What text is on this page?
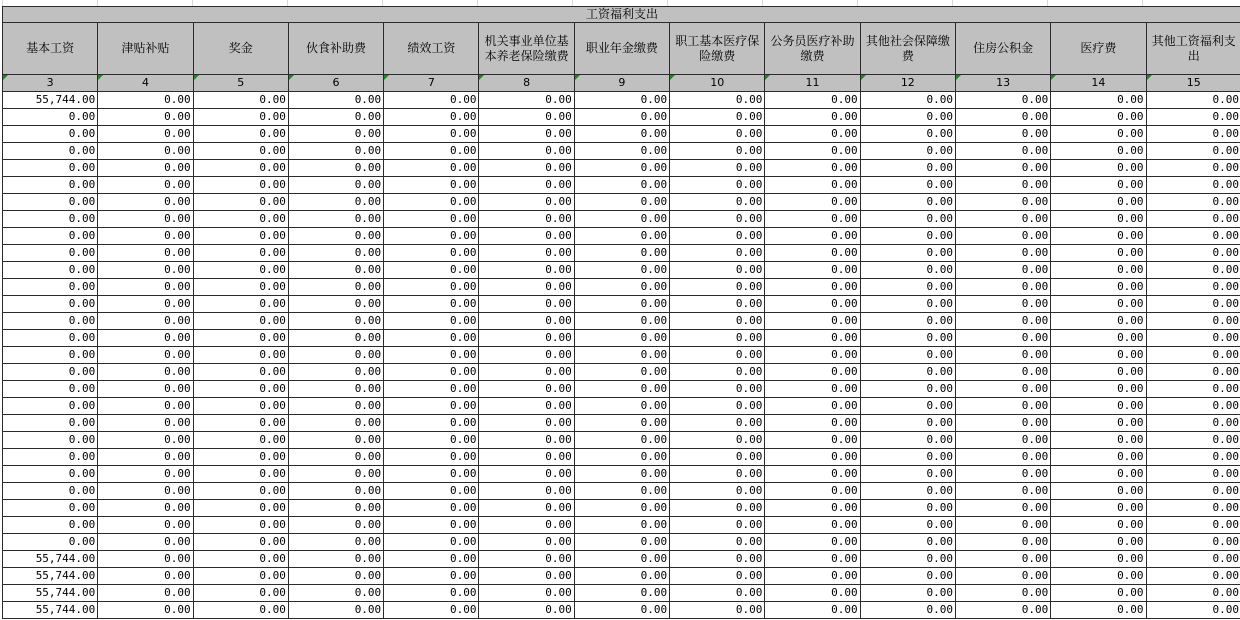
工资福利支出												
基本工资	津贴补贴	奖金	伙食补助费	绩效工资	机关事业单位基本养老保险缴费	职业年金缴费	职工基本医疗保险缴费	公务员医疗补助缴费	其他社会保障缴费	住房公积金	医疗费	其他工资福利支出

3	4	5	6	7	8	9	10	11	12	13	14	15
55,744.00	0.00	0.00	0.00	0.00	0.00	0.00	0.00	0.00	0.00	0.00	0.00	0.00
0.00	0.00	0.00	0.00	0.00	0.00	0.00	0.00	0.00	0.00	0.00	0.00	0.00
0.00	0.00	0.00	0.00	0.00	0.00	0.00	0.00	0.00	0.00	0.00	0.00	0.00
0.00	0.00	0.00	0.00	0.00	0.00	0.00	0.00	0.00	0.00	0.00	0.00	0.00
0.00	0.00	0.00	0.00	0.00	0.00	0.00	0.00	0.00	0.00	0.00	0.00	0.00
0.00	0.00	0.00	0.00	0.00	0.00	0.00	0.00	0.00	0.00	0.00	0.00	0.00
0.00	0.00	0.00	0.00	0.00	0.00	0.00	0.00	0.00	0.00	0.00	0.00	0.00
0.00	0.00	0.00	0.00	0.00	0.00	0.00	0.00	0.00	0.00	0.00	0.00	0.00
0.00	0.00	0.00	0.00	0.00	0.00	0.00	0.00	0.00	0.00	0.00	0.00	0.00
0.00	0.00	0.00	0.00	0.00	0.00	0.00	0.00	0.00	0.00	0.00	0.00	0.00
0.00	0.00	0.00	0.00	0.00	0.00	0.00	0.00	0.00	0.00	0.00	0.00	0.00
0.00	0.00	0.00	0.00	0.00	0.00	0.00	0.00	0.00	0.00	0.00	0.00	0.00
0.00	0.00	0.00	0.00	0.00	0.00	0.00	0.00	0.00	0.00	0.00	0.00	0.00
0.00	0.00	0.00	0.00	0.00	0.00	0.00	0.00	0.00	0.00	0.00	0.00	0.00
0.00	0.00	0.00	0.00	0.00	0.00	0.00	0.00	0.00	0.00	0.00	0.00	0.00
0.00	0.00	0.00	0.00	0.00	0.00	0.00	0.00	0.00	0.00	0.00	0.00	0.00
0.00	0.00	0.00	0.00	0.00	0.00	0.00	0.00	0.00	0.00	0.00	0.00	0.00
0.00	0.00	0.00	0.00	0.00	0.00	0.00	0.00	0.00	0.00	0.00	0.00	0.00
0.00	0.00	0.00	0.00	0.00	0.00	0.00	0.00	0.00	0.00	0.00	0.00	0.00
0.00	0.00	0.00	0.00	0.00	0.00	0.00	0.00	0.00	0.00	0.00	0.00	0.00
0.00	0.00	0.00	0.00	0.00	0.00	0.00	0.00	0.00	0.00	0.00	0.00	0.00
0.00	0.00	0.00	0.00	0.00	0.00	0.00	0.00	0.00	0.00	0.00	0.00	0.00
0.00	0.00	0.00	0.00	0.00	0.00	0.00	0.00	0.00	0.00	0.00	0.00	0.00
0.00	0.00	0.00	0.00	0.00	0.00	0.00	0.00	0.00	0.00	0.00	0.00	0.00
0.00	0.00	0.00	0.00	0.00	0.00	0.00	0.00	0.00	0.00	0.00	0.00	0.00
0.00	0.00	0.00	0.00	0.00	0.00	0.00	0.00	0.00	0.00	0.00	0.00	0.00
0.00	0.00	0.00	0.00	0.00	0.00	0.00	0.00	0.00	0.00	0.00	0.00	0.00
55,744.00	0.00	0.00	0.00	0.00	0.00	0.00	0.00	0.00	0.00	0.00	0.00	0.00
55,744.00	0.00	0.00	0.00	0.00	0.00	0.00	0.00	0.00	0.00	0.00	0.00	0.00
55,744.00	0.00	0.00	0.00	0.00	0.00	0.00	0.00	0.00	0.00	0.00	0.00	0.00
55,744.00	0.00	0.00	0.00	0.00	0.00	0.00	0.00	0.00	0.00	0.00	0.00	0.00
